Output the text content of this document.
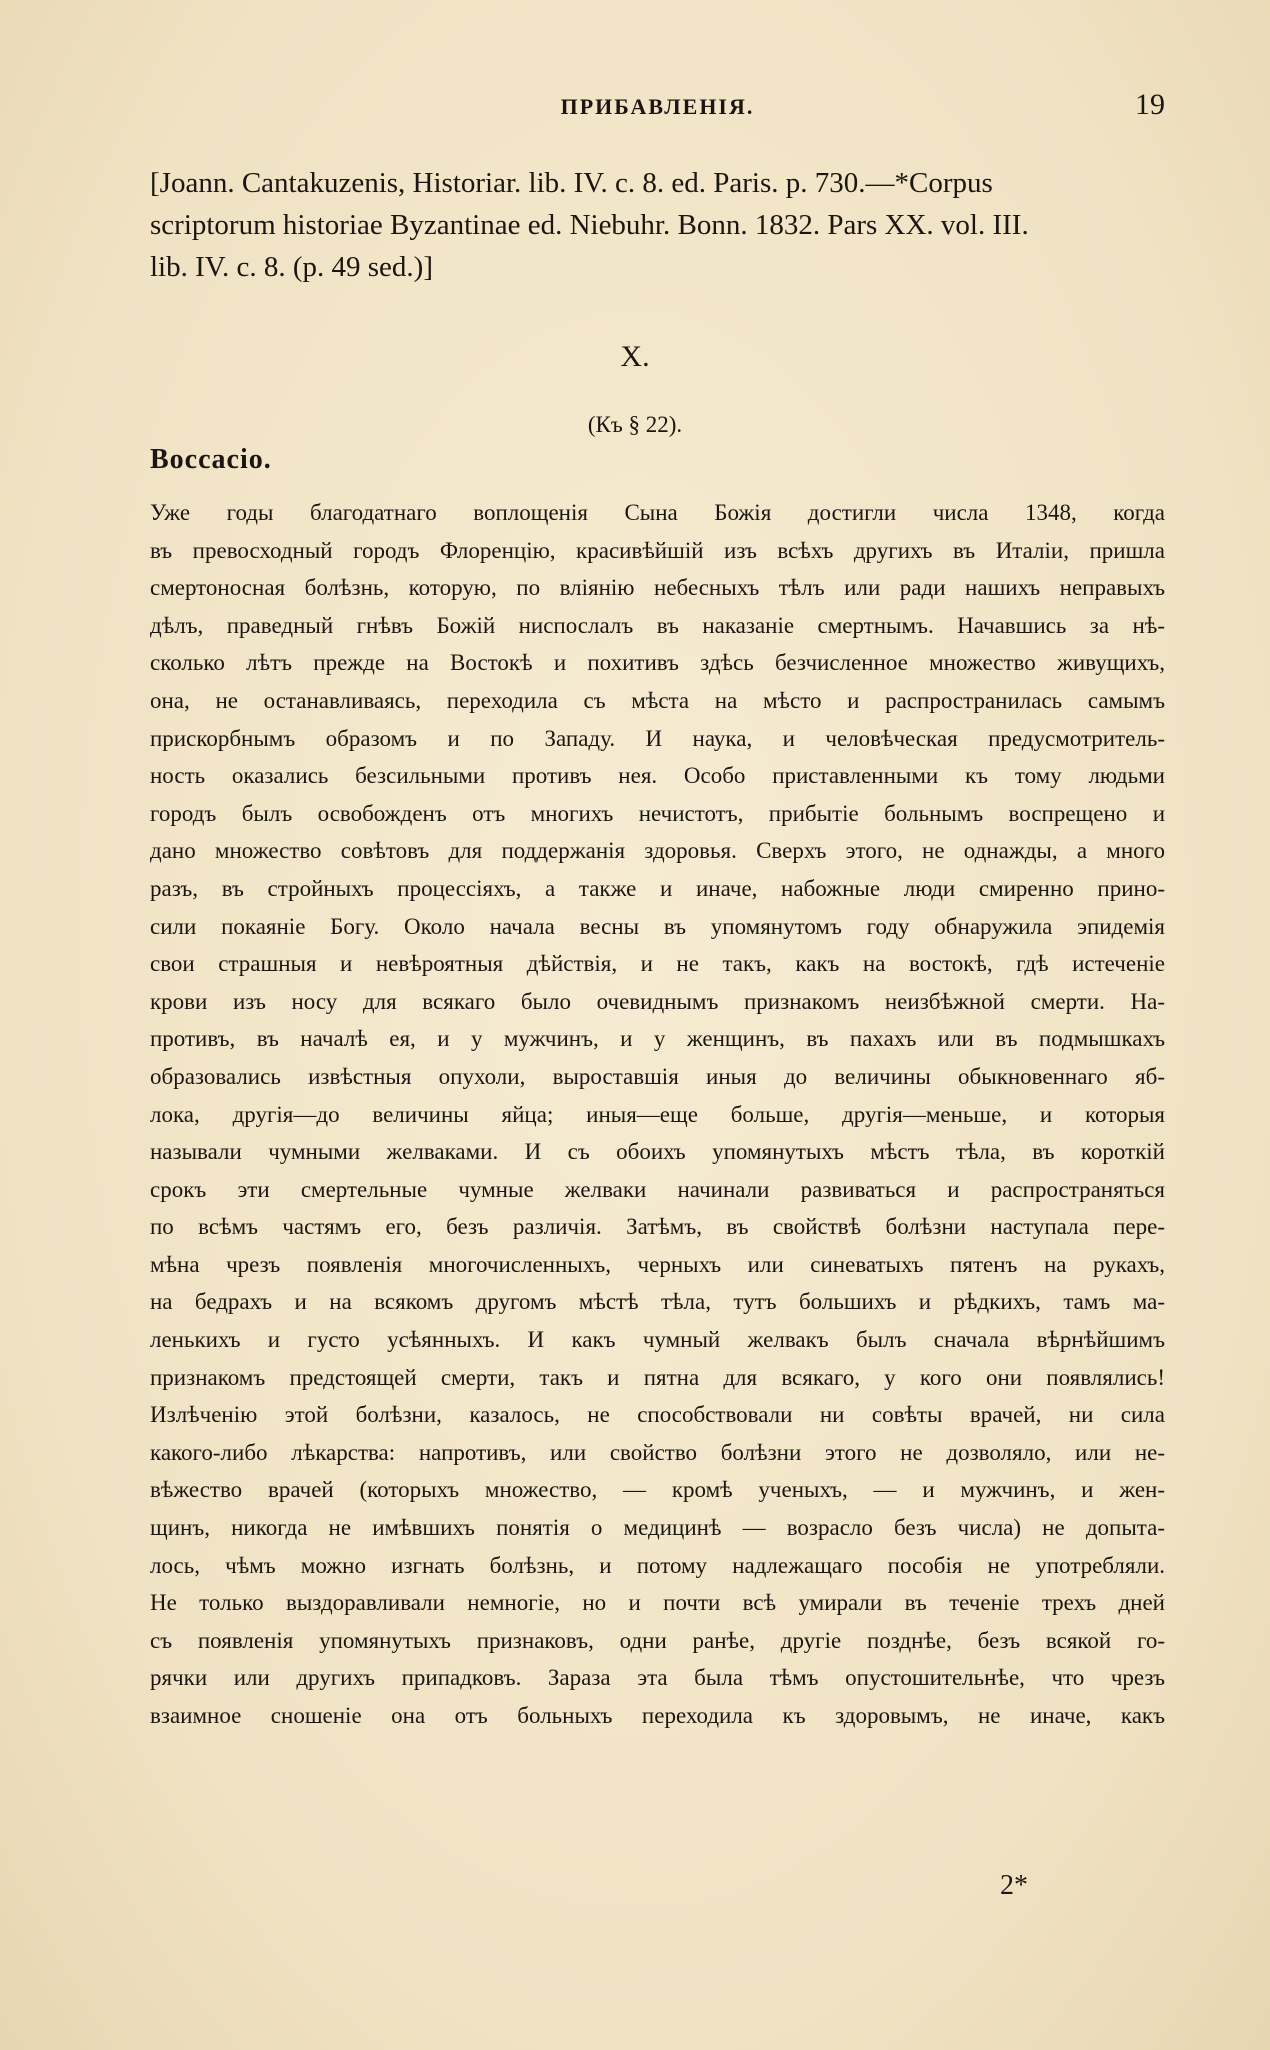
ПРИБАВЛЕНІЯ.	19
[Joann. Cantakuzenis, Historiar. lib. IV. c. 8. ed. Paris. p. 730.—*Corpus
scriptorum historiae Byzantinae ed. Niebuhr. Bonn. 1832. Pars XX. vol. III.
lib. IV. c. 8. (p. 49 sed.)]
X.
(Къ § 22).
Boccacio.
Уже годы благодатнаго воплощенія Сына Божія достигли числа 1348, когда
въ превосходный городъ Флоренцію, красивѣйшій изъ всѣхъ другихъ въ Италіи, пришла
смертоносная болѣзнь, которую, по вліянію небесныхъ тѣлъ или ради нашихъ неправыхъ
дѣлъ, праведный гнѣвъ Божій ниспослалъ въ наказаніе смертнымъ. Начавшись за нѣ-
сколько лѣтъ прежде на Востокѣ и похитивъ здѣсь безчисленное множество живущихъ,
она, не останавливаясь, переходила съ мѣста на мѣсто и распространилась самымъ
прискорбнымъ образомъ и по Западу. И наука, и человѣческая предусмотритель-
ность оказались безсильными противъ нея. Особо приставленными къ тому людьми
городъ былъ освобожденъ отъ многихъ нечистотъ, прибытіе больнымъ воспрещено и
дано множество совѣтовъ для поддержанія здоровья. Сверхъ этого, не однажды, а много
разъ, въ стройныхъ процессіяхъ, а также и иначе, набожные люди смиренно прино-
сили покаяніе Богу. Около начала весны въ упомянутомъ году обнаружила эпидемія
свои страшныя и невѣроятныя дѣйствія, и не такъ, какъ на востокѣ, гдѣ истеченіе
крови изъ носу для всякаго было очевиднымъ признакомъ неизбѣжной смерти. На-
противъ, въ началѣ ея, и у мужчинъ, и у женщинъ, въ пахахъ или въ подмышкахъ
образовались извѣстныя опухоли, выроставшія иныя до величины обыкновеннаго яб-
лока, другія—до величины яйца; иныя—еще больше, другія—меньше, и которыя
называли чумными желваками. И съ обоихъ упомянутыхъ мѣстъ тѣла, въ короткій
срокъ эти смертельные чумные желваки начинали развиваться и распространяться
по всѣмъ частямъ его, безъ различія. Затѣмъ, въ свойствѣ болѣзни наступала пере-
мѣна чрезъ появленія многочисленныхъ, черныхъ или синеватыхъ пятенъ на рукахъ,
на бедрахъ и на всякомъ другомъ мѣстѣ тѣла, тутъ большихъ и рѣдкихъ, тамъ ма-
ленькихъ и густо усѣянныхъ. И какъ чумный желвакъ былъ сначала вѣрнѣйшимъ
признакомъ предстоящей смерти, такъ и пятна для всякаго, у кого они появлялись!
Излѣченію этой болѣзни, казалось, не способствовали ни совѣты врачей, ни сила
какого-либо лѣкарства: напротивъ, или свойство болѣзни этого не дозволяло, или не-
вѣжество врачей (которыхъ множество, — кромѣ ученыхъ, — и мужчинъ, и жен-
щинъ, никогда не имѣвшихъ понятія о медицинѣ — возрасло безъ числа) не допыта-
лось, чѣмъ можно изгнать болѣзнь, и потому надлежащаго пособія не употребляли.
Не только выздоравливали немногіе, но и почти всѣ умирали въ теченіе трехъ дней
съ появленія упомянутыхъ признаковъ, одни ранѣе, другіе позднѣе, безъ всякой го-
рячки или другихъ припадковъ. Зараза эта была тѣмъ опустошительнѣе, что чрезъ
взаимное сношеніе она отъ больныхъ переходила къ здоровымъ, не иначе, какъ
2*
